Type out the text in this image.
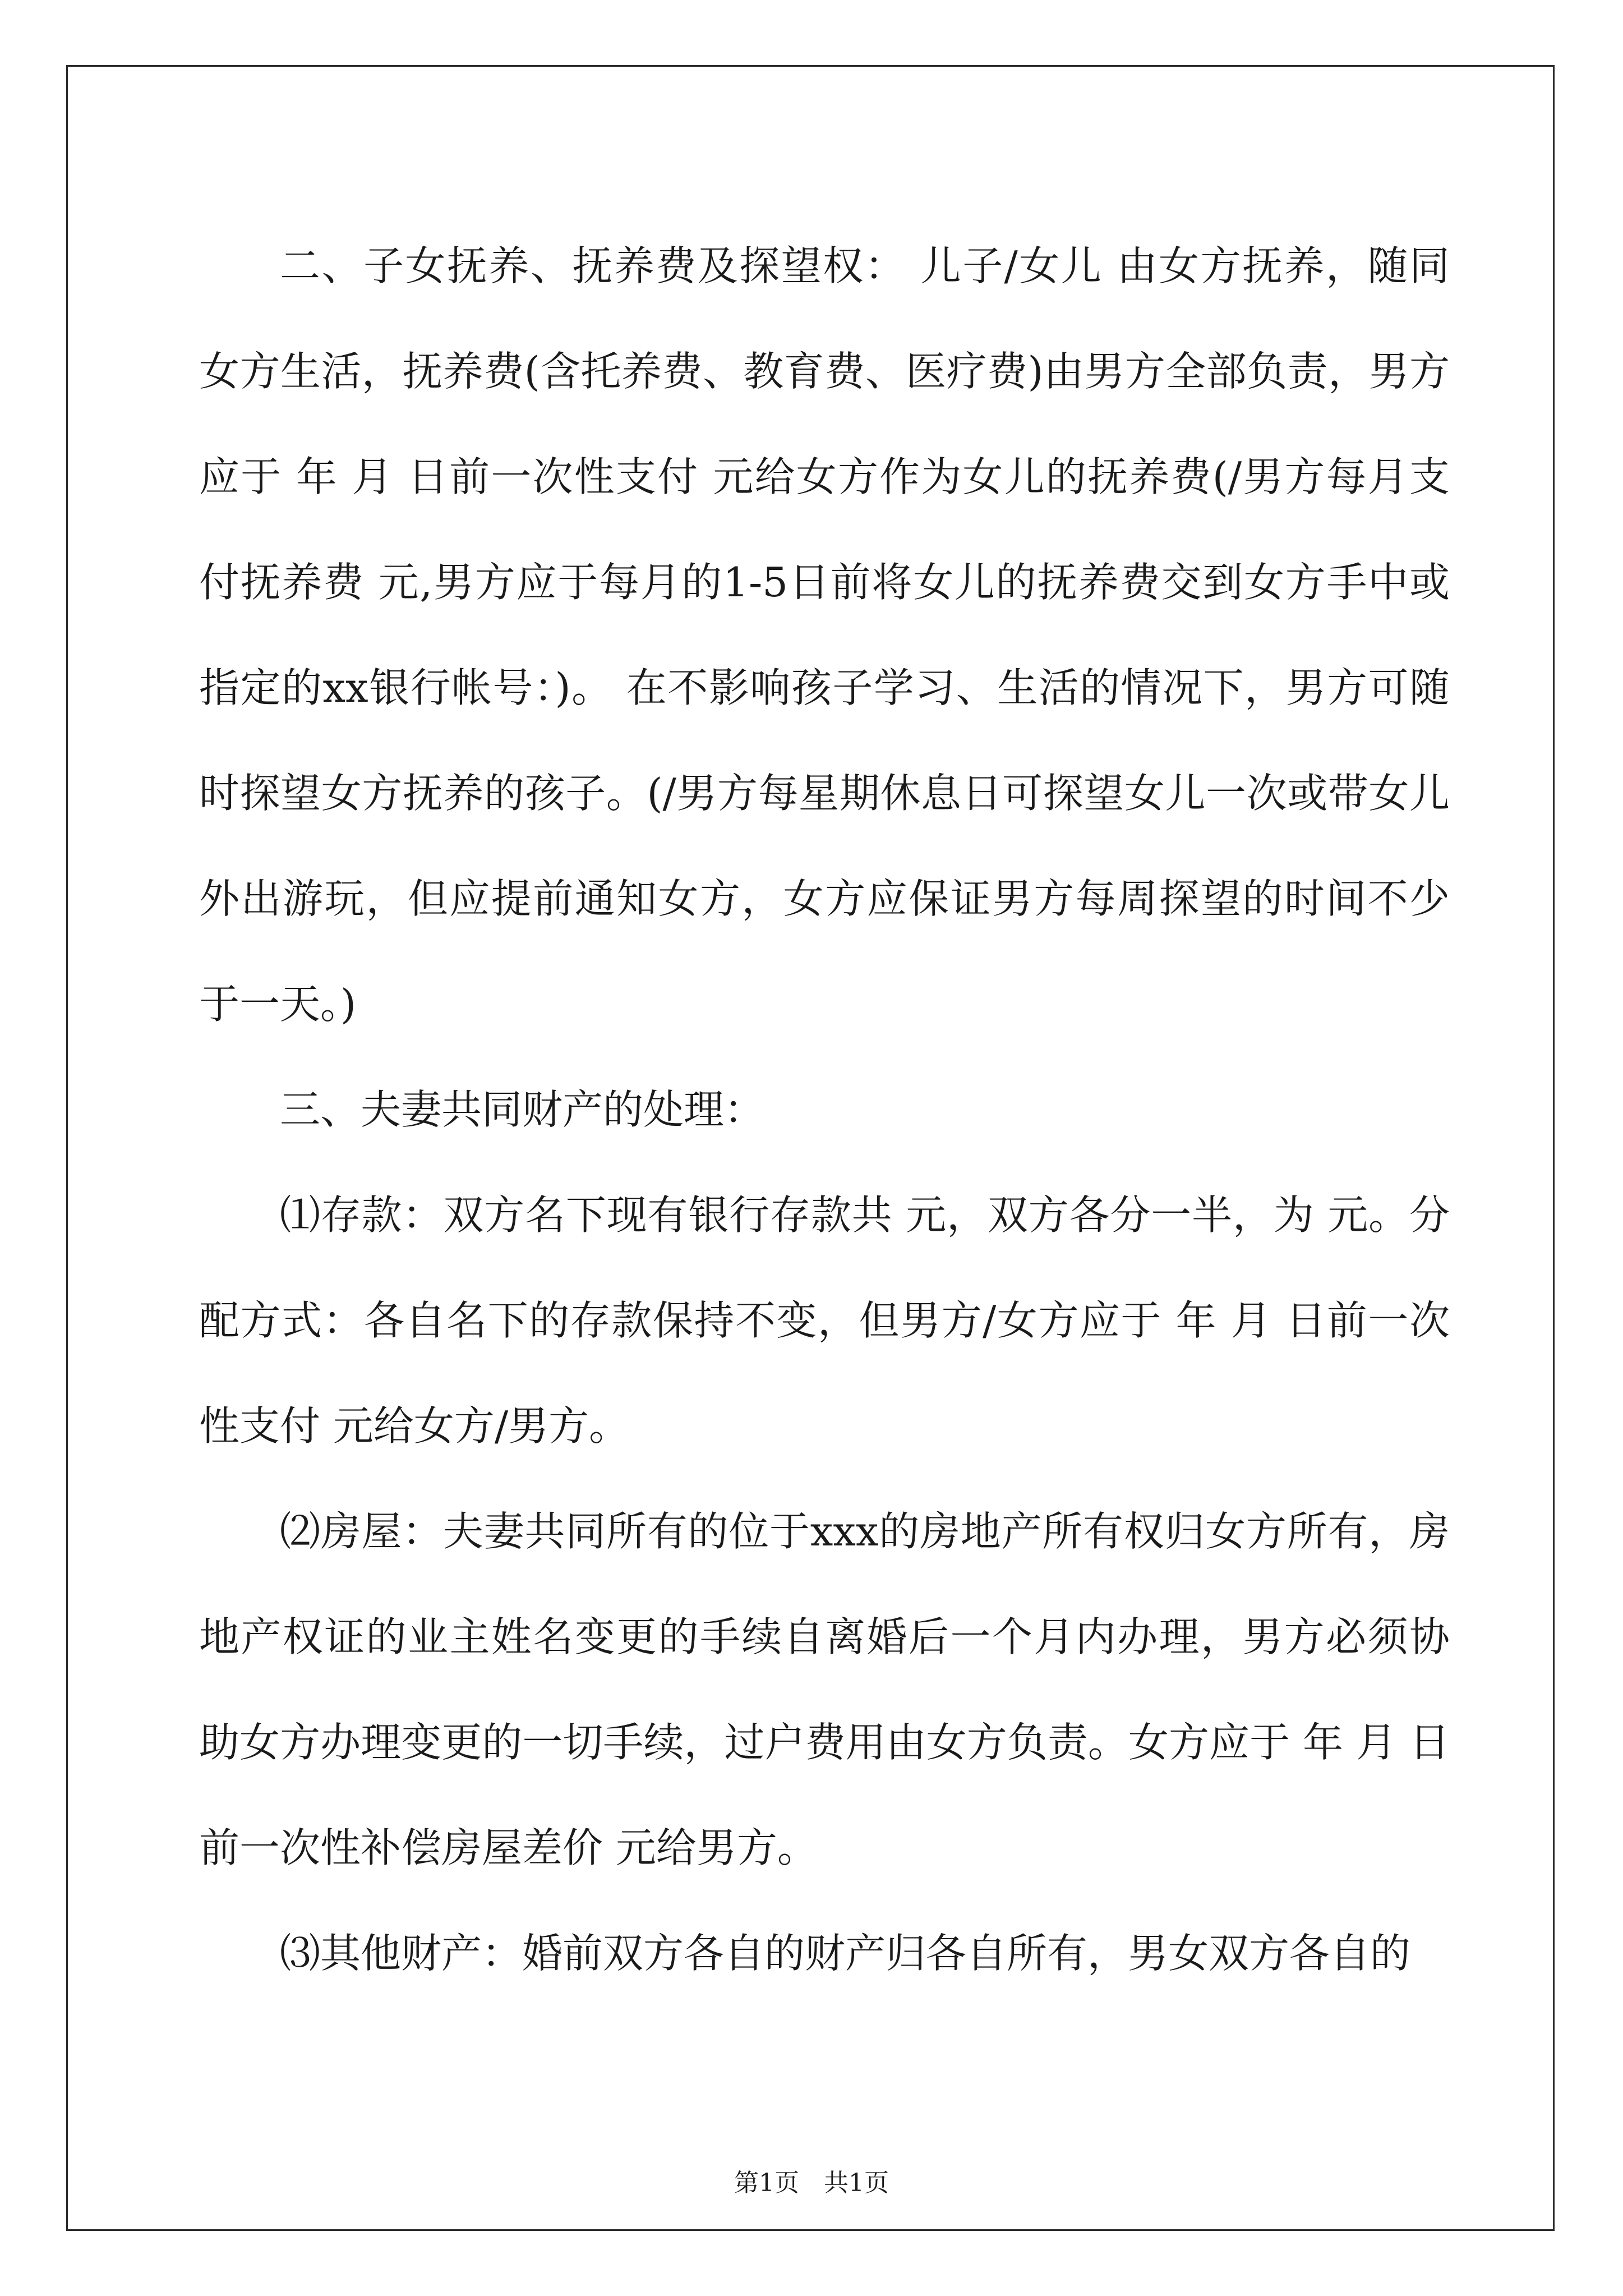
二、子女抚养、抚养费及探望权： 儿子/女儿 由女方抚养，随同女方生活，抚养费(含托养费、教育费、医疗费)由男方全部负责，男方应于 年 月 日前一次性支付 元给女方作为女儿的抚养费(/男方每月支付抚养费 元,男方应于每月的1-5日前将女儿的抚养费交到女方手中或指定的xx银行帐号：)。 在不影响孩子学习、生活的情况下，男方可随时探望女方抚养的孩子。(/男方每星期休息日可探望女儿一次或带女儿外出游玩，但应提前通知女方，女方应保证男方每周探望的时间不少于一天。)

三、夫妻共同财产的处理：

⑴存款：双方名下现有银行存款共 元，双方各分一半，为 元。分配方式：各自名下的存款保持不变，但男方/女方应于 年 月 日前一次性支付 元给女方/男方。

⑵房屋：夫妻共同所有的位于xxx的房地产所有权归女方所有，房地产权证的业主姓名变更的手续自离婚后一个月内办理，男方必须协助女方办理变更的一切手续，过户费用由女方负责。女方应于 年 月 日前一次性补偿房屋差价 元给男方。

⑶其他财产：婚前双方各自的财产归各自所有，男女双方各自的

第1页　共1页
